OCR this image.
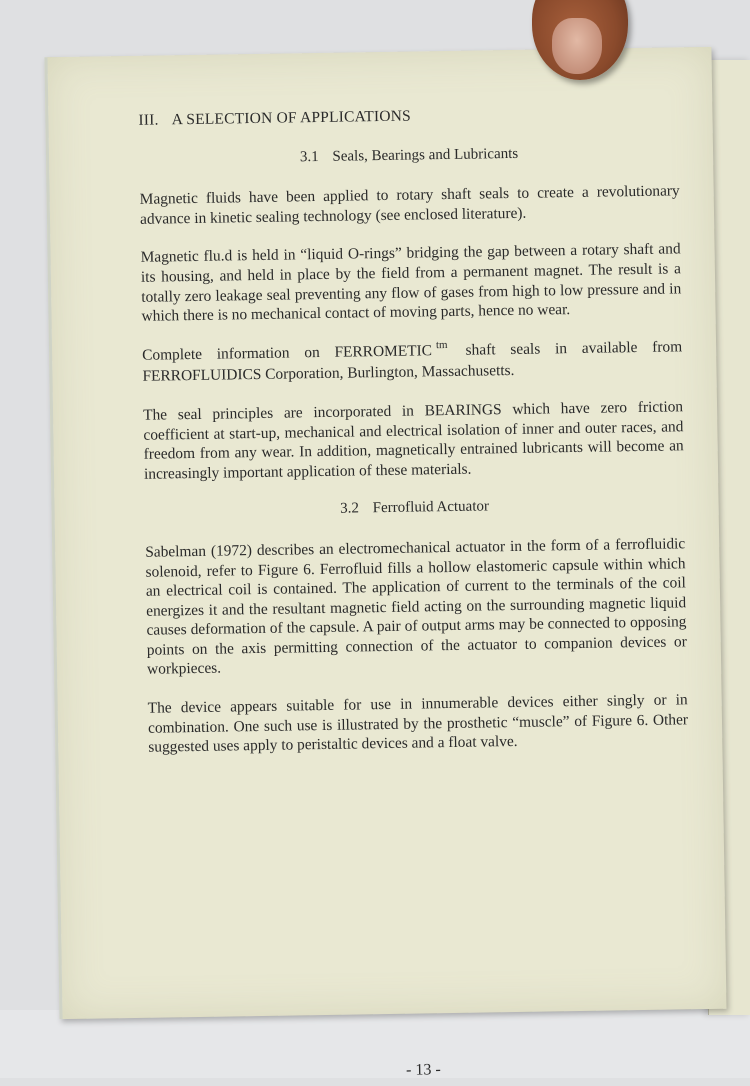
III. A SELECTION OF APPLICATIONS
3.1 Seals, Bearings and Lubricants

Magnetic fluids have been applied to rotary shaft seals to create a revolutionary advance in kinetic sealing technology (see enclosed literature).

Magnetic flu.d is held in “liquid O-rings” bridging the gap between a rotary shaft and its housing, and held in place by the field from a permanent magnet. The result is a totally zero leakage seal preventing any flow of gases from high to low pressure and in which there is no mechanical contact of moving parts, hence no wear.

Complete information on FERROMETIC $^{tm}$ shaft seals in available from FERROFLUIDICS Corporation, Burlington, Massachusetts.

The seal principles are incorporated in BEARINGS which have zero friction coefficient at start-up, mechanical and electrical isolation of inner and outer races, and freedom from any wear. In addition, magnetically entrained lubricants will become an increasingly important application of these materials.

3.2 Ferrofluid Actuator

Sabelman (1972) describes an electromechanical actuator in the form of a ferrofluidic solenoid, refer to Figure 6. Ferrofluid fills a hollow elastomeric capsule within which an electrical coil is contained. The application of current to the terminals of the coil energizes it and the resultant magnetic field acting on the surrounding magnetic liquid causes deformation of the capsule. A pair of output arms may be connected to opposing points on the axis permitting connection of the actuator to companion devices or workpieces.

The device appears suitable for use in innumerable devices either singly or in combination. One such use is illustrated by the prosthetic “muscle” of Figure 6. Other suggested uses apply to peristaltic devices and a float valve.

- 13 -
